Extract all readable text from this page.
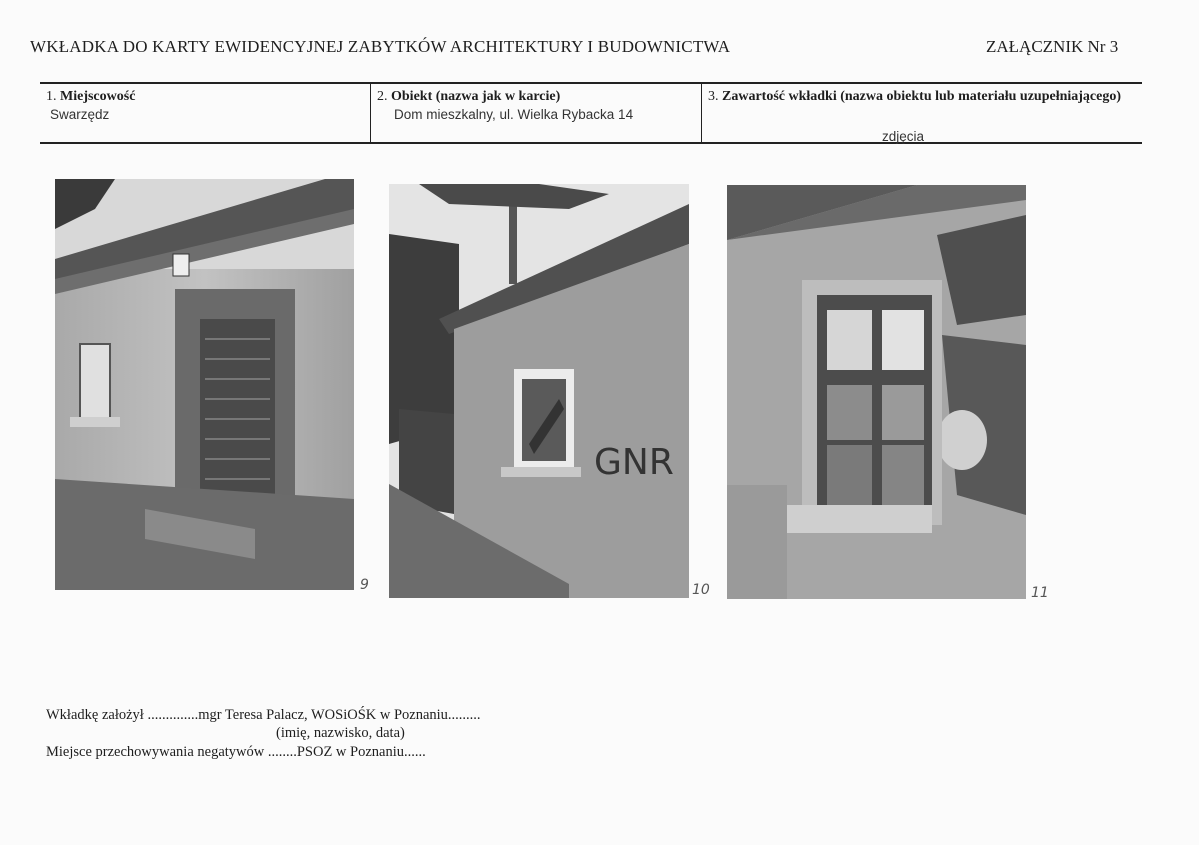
WKŁADKA DO KARTY EWIDENCYJNEJ ZABYTKÓW ARCHITEKTURY I BUDOWNICTWA	ZAŁĄCZNIK Nr 3
1. Miejscowość
Swarzędz
2. Obiekt (nazwa jak w karcie)
Dom mieszkalny, ul. Wielka Rybacka 14
3. Zawartość wkładki (nazwa obiektu lub materiału uzupełniającego)
zdjęcia
9
GNR
10	11
Wkładkę założył ..............mgr Teresa Palacz, WOSiOŚK w Poznaniu.........
(imię, nazwisko, data)
Miejsce przechowywania negatywów ........PSOZ w Poznaniu......
